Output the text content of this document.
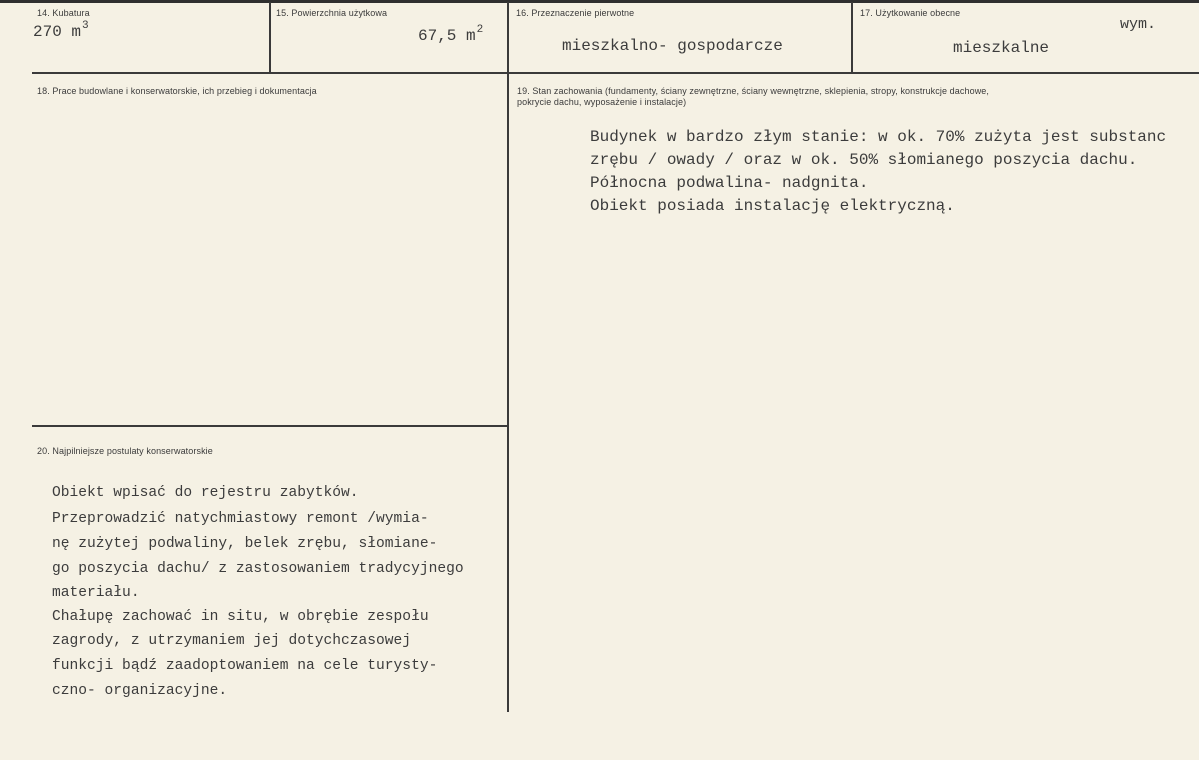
14. Kubatura
270 $m^3$
15. Powierzchnia użytkowa
67,5 $m^2$
16. Przeznaczenie pierwotne
mieszkalno- gospodarcze
17. Użytkowanie obecne
wym.
mieszkalne
18. Prace budowlane i konserwatorskie, ich przebieg i dokumentacja	19. Stan zachowania (fundamenty, ściany zewnętrzne, ściany wewnętrzne, sklepienia, stropy, konstrukcje dachowe, pokrycie dachu, wyposażenie i instalacje)
Budynek w bardzo złym stanie: w ok. 70% zużyta jest substanc
zrębu / owady / oraz w ok. 50% słomianego poszycia dachu.
Północna podwalina- nadgnita.
Obiekt posiada instalację elektryczną.
20. Najpilniejsze postulaty konserwatorskie
Obiekt wpisać do rejestru zabytków.
Przeprowadzić natychmiastowy remont /wymia-
nę zużytej podwaliny, belek zrębu, słomiane-
go poszycia dachu/ z zastosowaniem tradycyjnego
materiału.
Chałupę zachować in situ, w obrębie zespołu
zagrody, z utrzymaniem jej dotychczasowej
funkcji bądź zaadoptowaniem na cele turysty-
czno- organizacyjne.
